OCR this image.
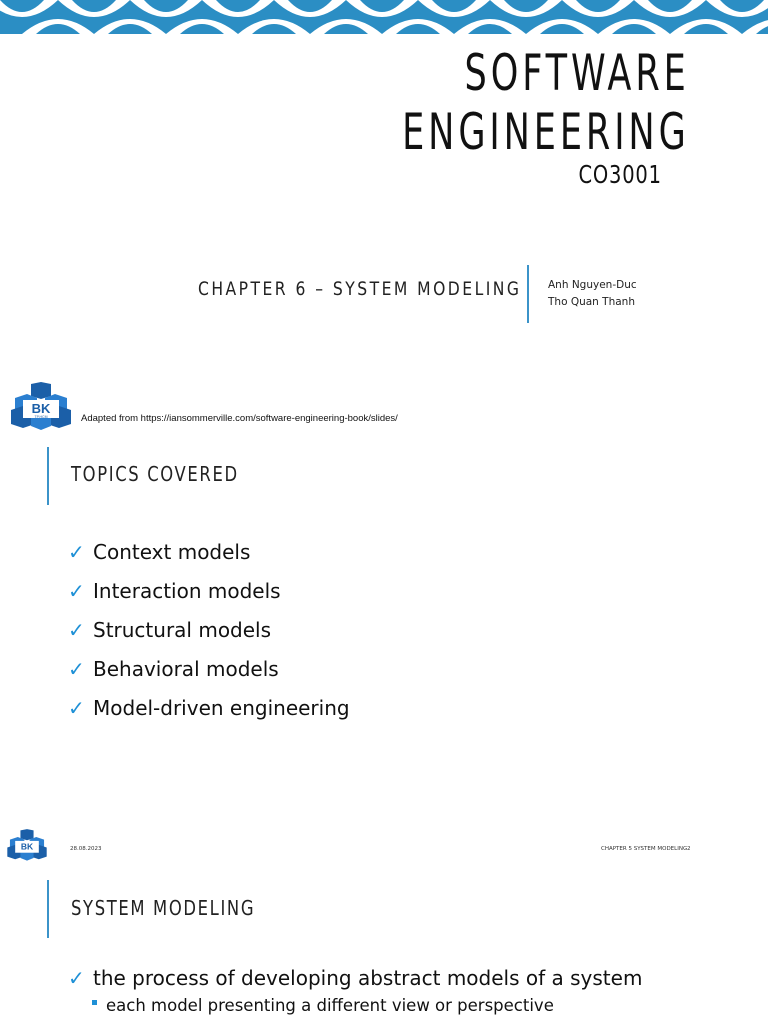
SOFTWARE
ENGINEERING
CO3001
CHAPTER 6 – SYSTEM MODELING	Anh Nguyen-Duc
Tho Quan Thanh
BK
TP.HCM	Adapted from https://iansommerville.com/software-engineering-book/slides/
TOPICS COVERED
✓ Context models
✓ Interaction models
✓ Structural models
✓ Behavioral models
✓ Model-driven engineering
BK	28.08.2023	CHAPTER 5 SYSTEM MODELING 2
SYSTEM MODELING
✓ the process of developing abstract models of a system
each model presenting a different view or perspective
